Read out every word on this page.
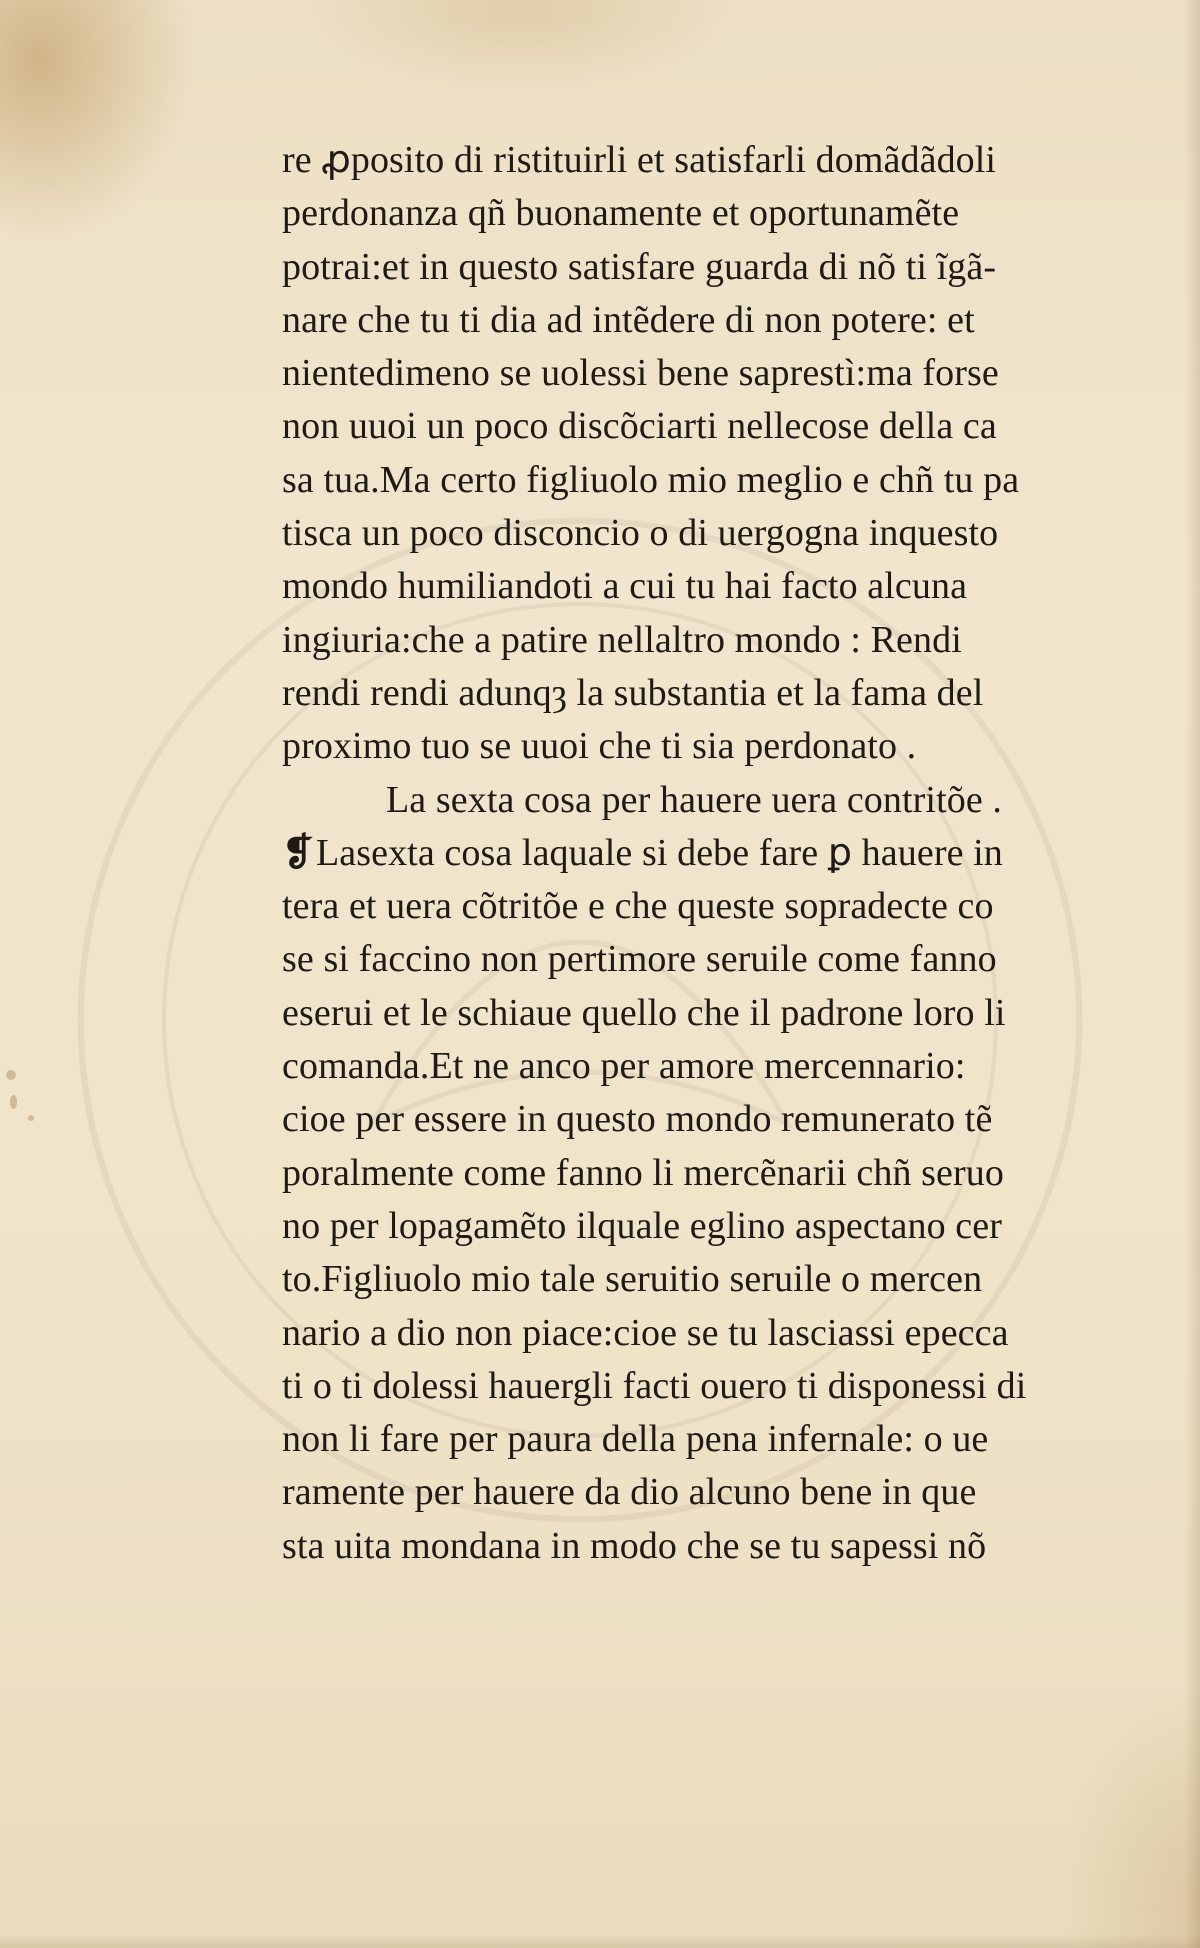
re ꝓposito di ristituirli et satisfarli domãdãdoli
perdonanza qñ buonamente et oportunamẽte
potrai:et in questo satisfare guarda di nõ ti ĩgã-
nare che tu ti dia ad intẽdere di non potere: et
nientedimeno se uolessi bene saprestì:ma forse
non uuoi un poco discõciarti nellecose della ca
sa tua.Ma certo figliuolo mio meglio e chñ tu pa
tisca un poco disconcio o di uergogna inquesto
mondo humiliandoti a cui tu hai facto alcuna
ingiuria:che a patire nellaltro mondo : Rendi
rendi rendi adunqȝ la substantia et la fama del
proximo tuo se uuoi che ti sia perdonato .
La sexta cosa per hauere uera contritõe .
❡Lasexta cosa laquale si debe fare ꝑ hauere in
tera et uera cõtritõe e che queste sopradecte co
se si faccino non pertimore seruile come fanno
eserui et le schiaue quello che il padrone loro li
comanda.Et ne anco per amore mercennario:
cioe per essere in questo mondo remunerato tẽ
poralmente come fanno li mercẽnarii chñ seruo
no per lopagamẽto ilquale eglino aspectano cer
to.Figliuolo mio tale seruitio seruile o mercen
nario a dio non piace:cioe se tu lasciassi epecca
ti o ti dolessi hauergli facti ouero ti disponessi di
non li fare per paura della pena infernale: o ue
ramente per hauere da dio alcuno bene in que
sta uita mondana in modo che se tu sapessi nõ
